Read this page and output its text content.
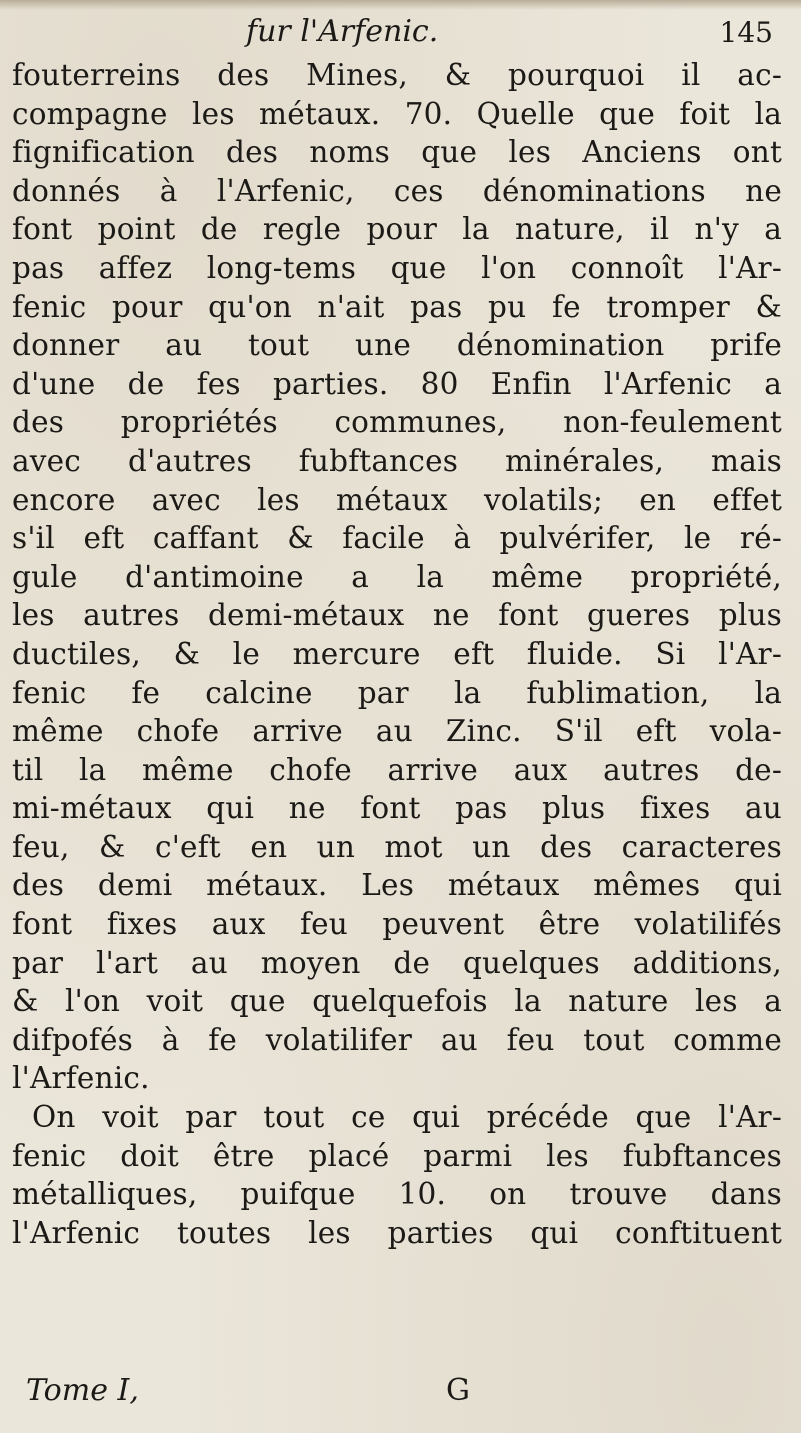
fur l'Arfenic.	145
fouterreins des Mines, & pourquoi il ac-
compagne les métaux. 70. Quelle que foit la
fignification des noms que les Anciens ont
donnés à l'Arfenic, ces dénominations ne
font point de regle pour la nature, il n'y a
pas affez long-tems que l'on connoît l'Ar-
fenic pour qu'on n'ait pas pu fe tromper &
donner au tout une dénomination prife
d'une de fes parties. 80 Enfin l'Arfenic a
des propriétés communes, non-feulement
avec d'autres fubftances minérales, mais
encore avec les métaux volatils; en effet
s'il eft caffant & facile à pulvérifer, le ré-
gule d'antimoine a la même propriété,
les autres demi-métaux ne font gueres plus
ductiles, & le mercure eft fluide. Si l'Ar-
fenic fe calcine par la fublimation, la
même chofe arrive au Zinc. S'il eft vola-
til la même chofe arrive aux autres de-
mi-métaux qui ne font pas plus fixes au
feu, & c'eft en un mot un des caracteres
des demi métaux. Les métaux mêmes qui
font fixes aux feu peuvent être volatilifés
par l'art au moyen de quelques additions,
& l'on voit que quelquefois la nature les a
difpofés à fe volatilifer au feu tout comme
l'Arfenic.
On voit par tout ce qui précéde que l'Ar-
fenic doit être placé parmi les fubftances
métalliques, puifque 10. on trouve dans
l'Arfenic toutes les parties qui conftituent
Tome I,	G
